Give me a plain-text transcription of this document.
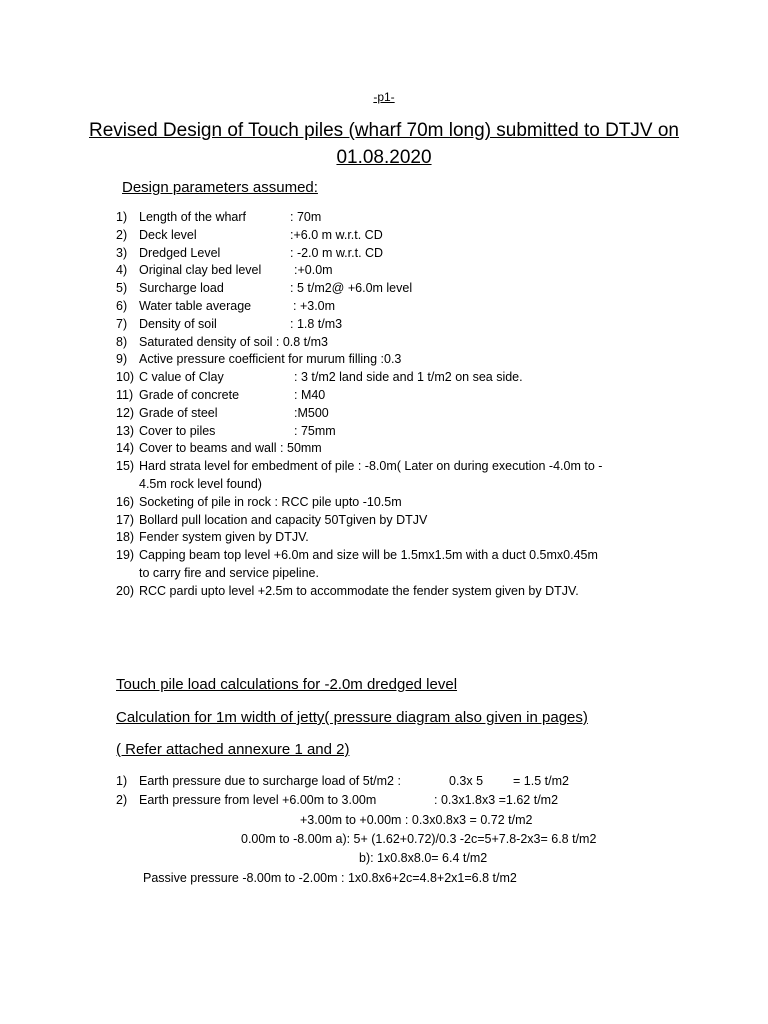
-p1-
Revised Design of Touch piles (wharf 70m long) submitted to DTJV on
01.08.2020
Design parameters assumed:
1) Length of the wharf	: 70m
2) Deck level	:+6.0 m w.r.t. CD
3) Dredged Level	: -2.0 m w.r.t. CD
4) Original clay bed level	:+0.0m
5) Surcharge load	: 5 t/m2@ +6.0m level
6) Water table average	: +3.0m
7) Density of soil	: 1.8 t/m3
8) Saturated density of soil : 0.8 t/m3
9) Active pressure coefficient for murum filling :0.3
10) C value of Clay	: 3 t/m2 land side and 1 t/m2 on sea side.
11) Grade of concrete	: M40
12) Grade of steel	:M500
13) Cover to piles	: 75mm
14) Cover to beams and wall : 50mm
15) Hard strata level for embedment of pile : -8.0m( Later on during execution -4.0m to -
4.5m rock level found)
16) Socketing of pile in rock : RCC pile upto -10.5m
17) Bollard pull location and capacity 50Tgiven by DTJV
18) Fender system given by DTJV.
19) Capping beam top level +6.0m and size will be 1.5mx1.5m with a duct 0.5mx0.45m
to carry fire and service pipeline.
20) RCC pardi upto level +2.5m to accommodate the fender system given by DTJV.
Touch pile load calculations for -2.0m dredged level
Calculation for 1m width of jetty( pressure diagram also given in pages)
( Refer attached annexure 1 and 2)
1) Earth pressure due to surcharge load of 5t/m2 :	0.3x 5 = 1.5 t/m2
2) Earth pressure from level +6.00m to 3.00m	: 0.3x1.8x3 =1.62 t/m2
+3.00m to +0.00m : 0.3x0.8x3 = 0.72 t/m2
0.00m to -8.00m a): 5+ (1.62+0.72)/0.3 -2c=5+7.8-2x3= 6.8 t/m2
b): 1x0.8x8.0= 6.4 t/m2
Passive pressure -8.00m to -2.00m : 1x0.8x6+2c=4.8+2x1=6.8 t/m2
